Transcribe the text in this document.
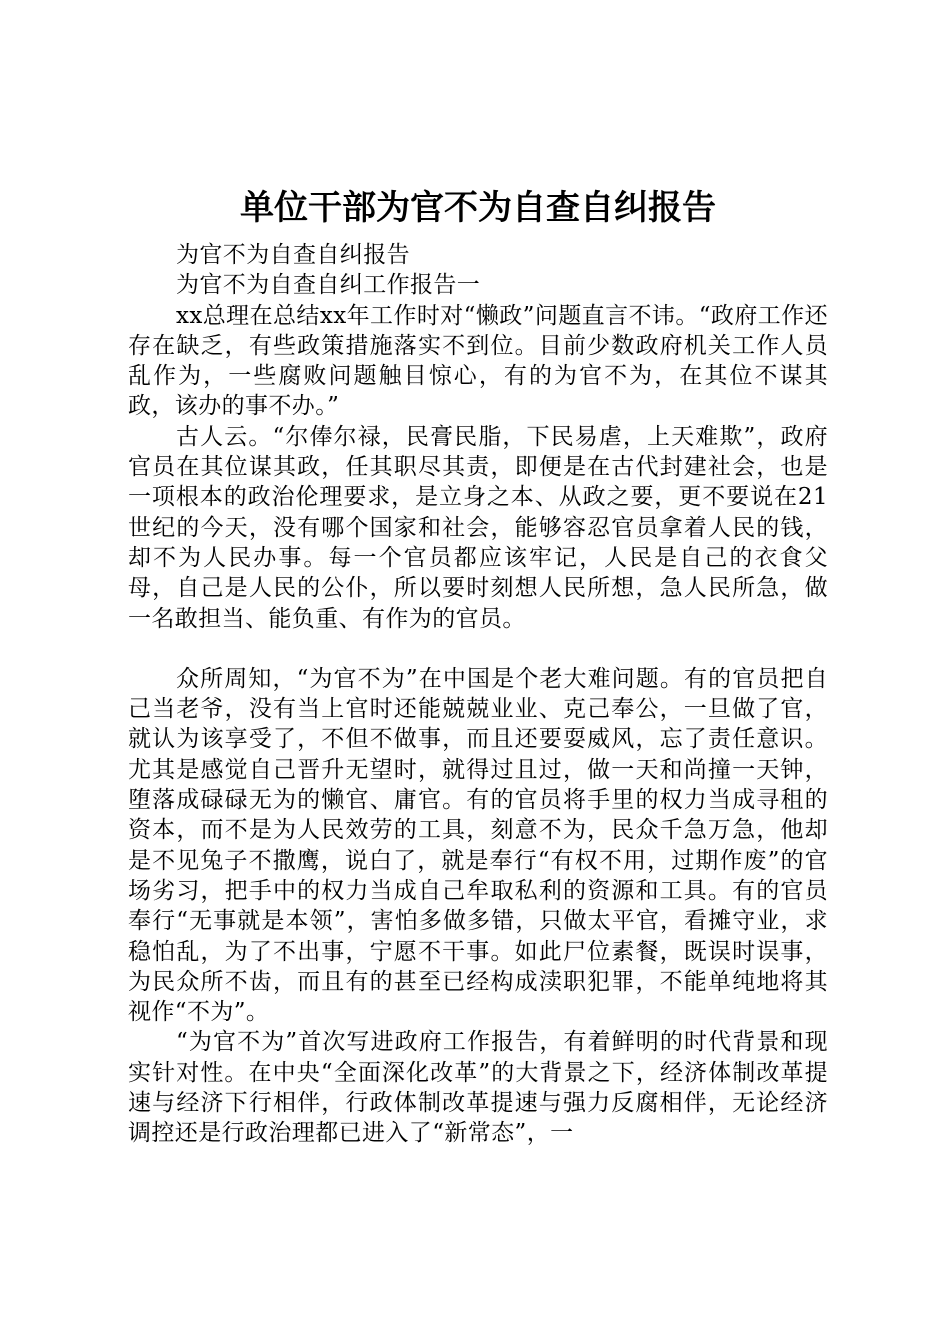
单位干部为官不为自查自纠报告

为官不为自查自纠报告

为官不为自查自纠工作报告一

xx总理在总结xx年工作时对“懒政”问题直言不讳。“政府工作还存在缺乏，有些政策措施落实不到位。目前少数政府机关工作人员乱作为，一些腐败问题触目惊心，有的为官不为，在其位不谋其政，该办的事不办。”

古人云。“尔俸尔禄，民膏民脂，下民易虐，上天难欺”，政府官员在其位谋其政，任其职尽其责，即便是在古代封建社会，也是一项根本的政治伦理要求，是立身之本、从政之要，更不要说在21世纪的今天，没有哪个国家和社会，能够容忍官员拿着人民的钱，却不为人民办事。每一个官员都应该牢记，人民是自己的衣食父母，自己是人民的公仆，所以要时刻想人民所想，急人民所急，做一名敢担当、能负重、有作为的官员。

众所周知，“为官不为”在中国是个老大难问题。有的官员把自己当老爷，没有当上官时还能兢兢业业、克己奉公，一旦做了官，就认为该享受了，不但不做事，而且还要耍威风，忘了责任意识。尤其是感觉自己晋升无望时，就得过且过，做一天和尚撞一天钟，堕落成碌碌无为的懒官、庸官。有的官员将手里的权力当成寻租的资本，而不是为人民效劳的工具，刻意不为，民众千急万急，他却是不见兔子不撒鹰，说白了，就是奉行“有权不用，过期作废”的官场劣习，把手中的权力当成自己牟取私利的资源和工具。有的官员奉行“无事就是本领”，害怕多做多错，只做太平官，看摊守业，求稳怕乱，为了不出事，宁愿不干事。如此尸位素餐，既误时误事，为民众所不齿，而且有的甚至已经构成渎职犯罪，不能单纯地将其视作“不为”。

“为官不为”首次写进政府工作报告，有着鲜明的时代背景和现实针对性。在中央“全面深化改革”的大背景之下，经济体制改革提速与经济下行相伴，行政体制改革提速与强力反腐相伴，无论经济调控还是行政治理都已进入了“新常态”，一
